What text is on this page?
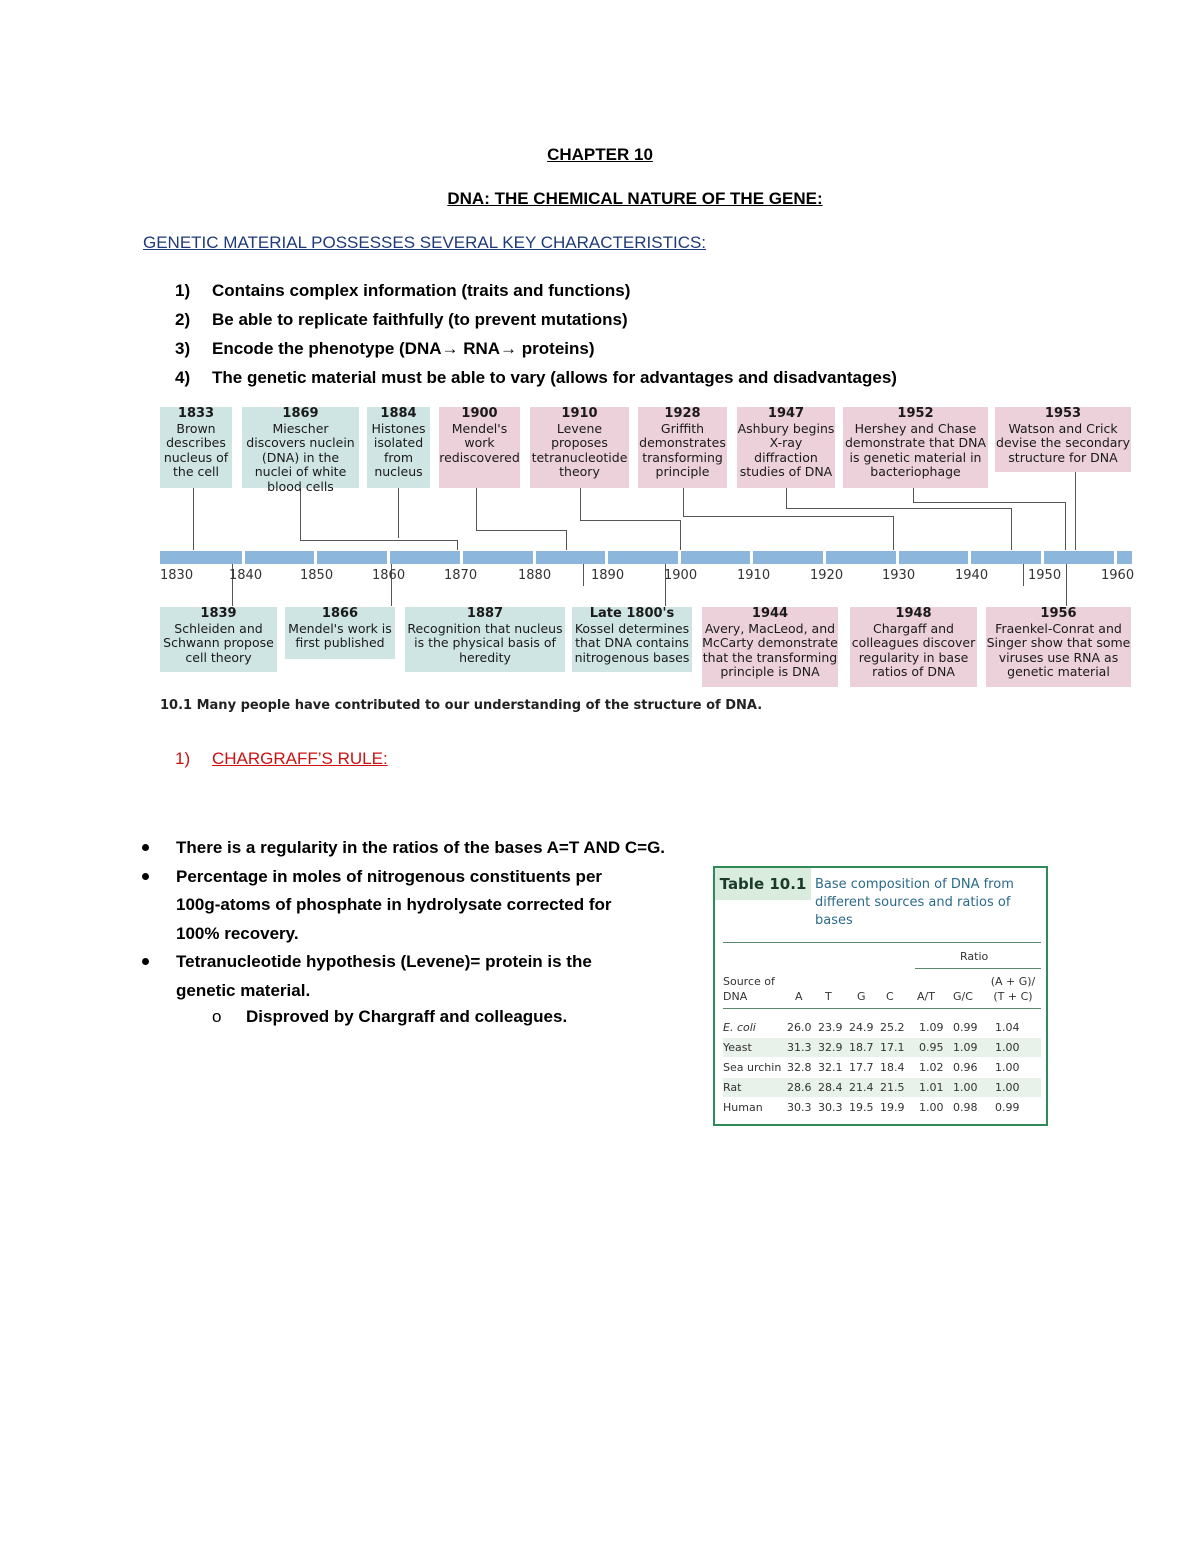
CHAPTER 10
DNA: THE CHEMICAL NATURE OF THE GENE:
GENETIC MATERIAL POSSESSES SEVERAL KEY CHARACTERISTICS:
1) Contains complex information (traits and functions)
2) Be able to replicate faithfully (to prevent mutations)
3) Encode the phenotype (DNA→ RNA→ proteins)
4) The genetic material must be able to vary (allows for advantages and disadvantages)
1830	1840	1850	1860	1870	1880	1890	1900	1910	1920	1930	1940	1950	1960
1833
Brown describes nucleus of the cell
1869
Miescher discovers nuclein (DNA) in the nuclei of white blood cells
1884
Histones isolated from nucleus
1900
Mendel's work rediscovered
1910
Levene proposes tetranucleotide theory
1928
Griffith demonstrates transforming principle
1947
Ashbury begins X-ray diffraction studies of DNA
1952
Hershey and Chase demonstrate that DNA is genetic material in bacteriophage
1953
Watson and Crick devise the secondary structure for DNA
1839
Schleiden and Schwann propose cell theory
1866
Mendel's work is first published
1887
Recognition that nucleus is the physical basis of heredity
Late 1800's
Kossel determines that DNA contains nitrogenous bases
1944
Avery, MacLeod, and McCarty demonstrate that the transforming principle is DNA
1948
Chargaff and colleagues discover regularity in base ratios of DNA
1956
Fraenkel-Conrat and Singer show that some viruses use RNA as genetic material
10.1 Many people have contributed to our understanding of the structure of DNA.
1) CHARGRAFF’S RULE:
There is a regularity in the ratios of the bases A=T AND C=G.
Percentage in moles of nitrogenous constituents per 100g-atoms of phosphate in hydrolysate corrected for 100% recovery.
Tetranucleotide hypothesis (Levene)= protein is the genetic material.
o Disproved by Chargraff and colleagues.
Table 10.1 Base composition of DNA from different sources and ratios of bases
Ratio
Source of DNA	A T G C A/T G/C
(A + G)/ (T + C)
E. coli	26.0 23.9 24.9 25.2 1.09 0.99 1.04
Yeast	31.3 32.9 18.7 17.1 0.95 1.09 1.00
Sea urchin 32.8 32.1 17.7 18.4 1.02 0.96 1.00
Rat	28.6 28.4 21.4 21.5 1.01 1.00 1.00
Human 30.3 30.3 19.5 19.9 1.00 0.98 0.99
